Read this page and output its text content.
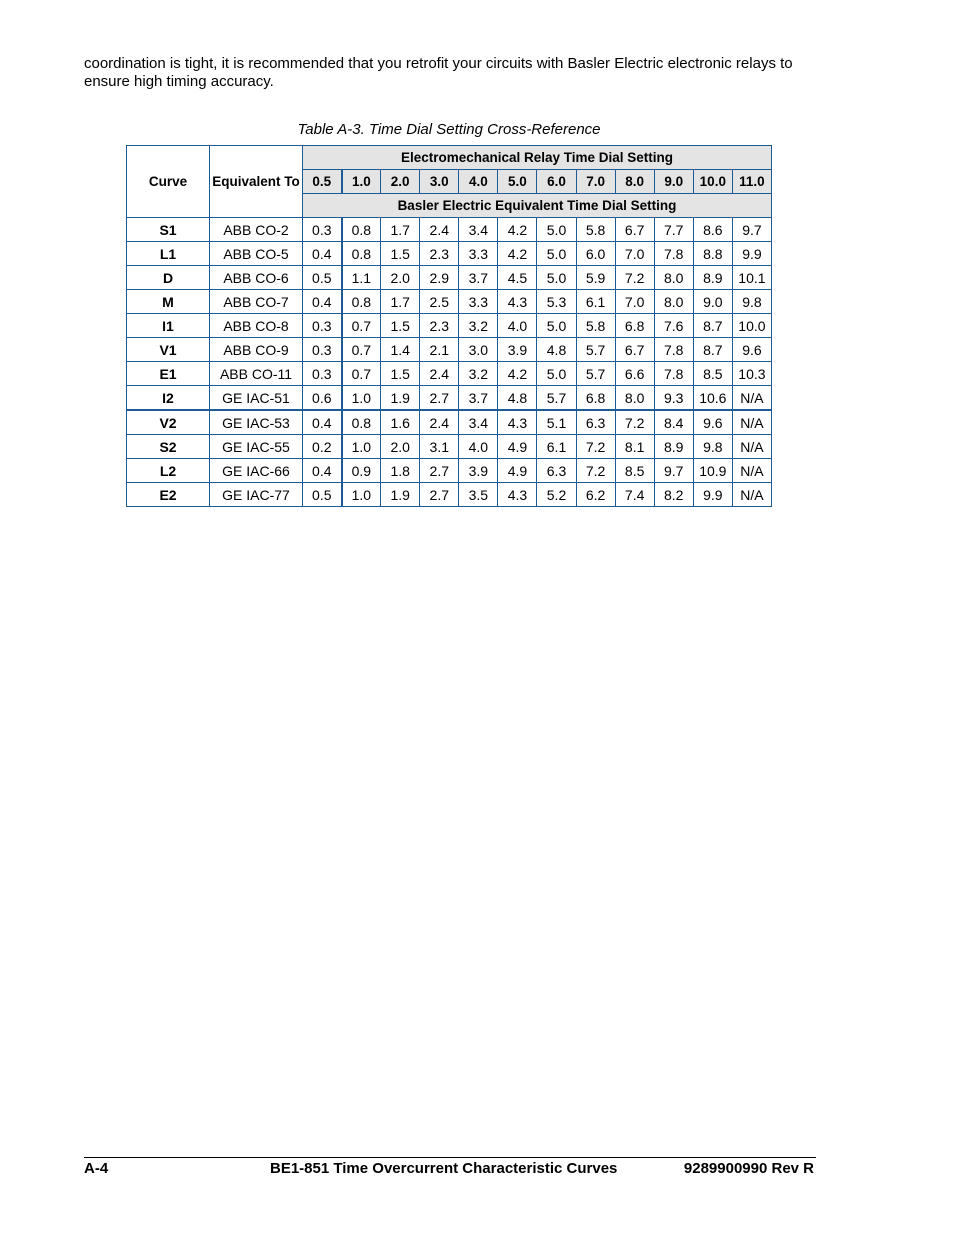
coordination is tight, it is recommended that you retrofit your circuits with Basler Electric electronic relays to ensure high timing accuracy.

Table A-3. Time Dial Setting Cross-Reference

Curve	Equivalent To	Electromechanical Relay Time Dial Setting											
		0.5	1.0	2.0	3.0	4.0	5.0	6.0	7.0	8.0	9.0	10.0	11.0
		Basler Electric Equivalent Time Dial Setting											
S1	ABB CO-2	0.3	0.8	1.7	2.4	3.4	4.2	5.0	5.8	6.7	7.7	8.6	9.7
L1	ABB CO-5	0.4	0.8	1.5	2.3	3.3	4.2	5.0	6.0	7.0	7.8	8.8	9.9
D	ABB CO-6	0.5	1.1	2.0	2.9	3.7	4.5	5.0	5.9	7.2	8.0	8.9	10.1
M	ABB CO-7	0.4	0.8	1.7	2.5	3.3	4.3	5.3	6.1	7.0	8.0	9.0	9.8
I1	ABB CO-8	0.3	0.7	1.5	2.3	3.2	4.0	5.0	5.8	6.8	7.6	8.7	10.0
V1	ABB CO-9	0.3	0.7	1.4	2.1	3.0	3.9	4.8	5.7	6.7	7.8	8.7	9.6
E1	ABB CO-11	0.3	0.7	1.5	2.4	3.2	4.2	5.0	5.7	6.6	7.8	8.5	10.3
I2	GE IAC-51	0.6	1.0	1.9	2.7	3.7	4.8	5.7	6.8	8.0	9.3	10.6	N/A
V2	GE IAC-53	0.4	0.8	1.6	2.4	3.4	4.3	5.1	6.3	7.2	8.4	9.6	N/A
S2	GE IAC-55	0.2	1.0	2.0	3.1	4.0	4.9	6.1	7.2	8.1	8.9	9.8	N/A
L2	GE IAC-66	0.4	0.9	1.8	2.7	3.9	4.9	6.3	7.2	8.5	9.7	10.9	N/A
E2	GE IAC-77	0.5	1.0	1.9	2.7	3.5	4.3	5.2	6.2	7.4	8.2	9.9	N/A

A-4	BE1-851 Time Overcurrent Characteristic Curves	9289900990 Rev R
